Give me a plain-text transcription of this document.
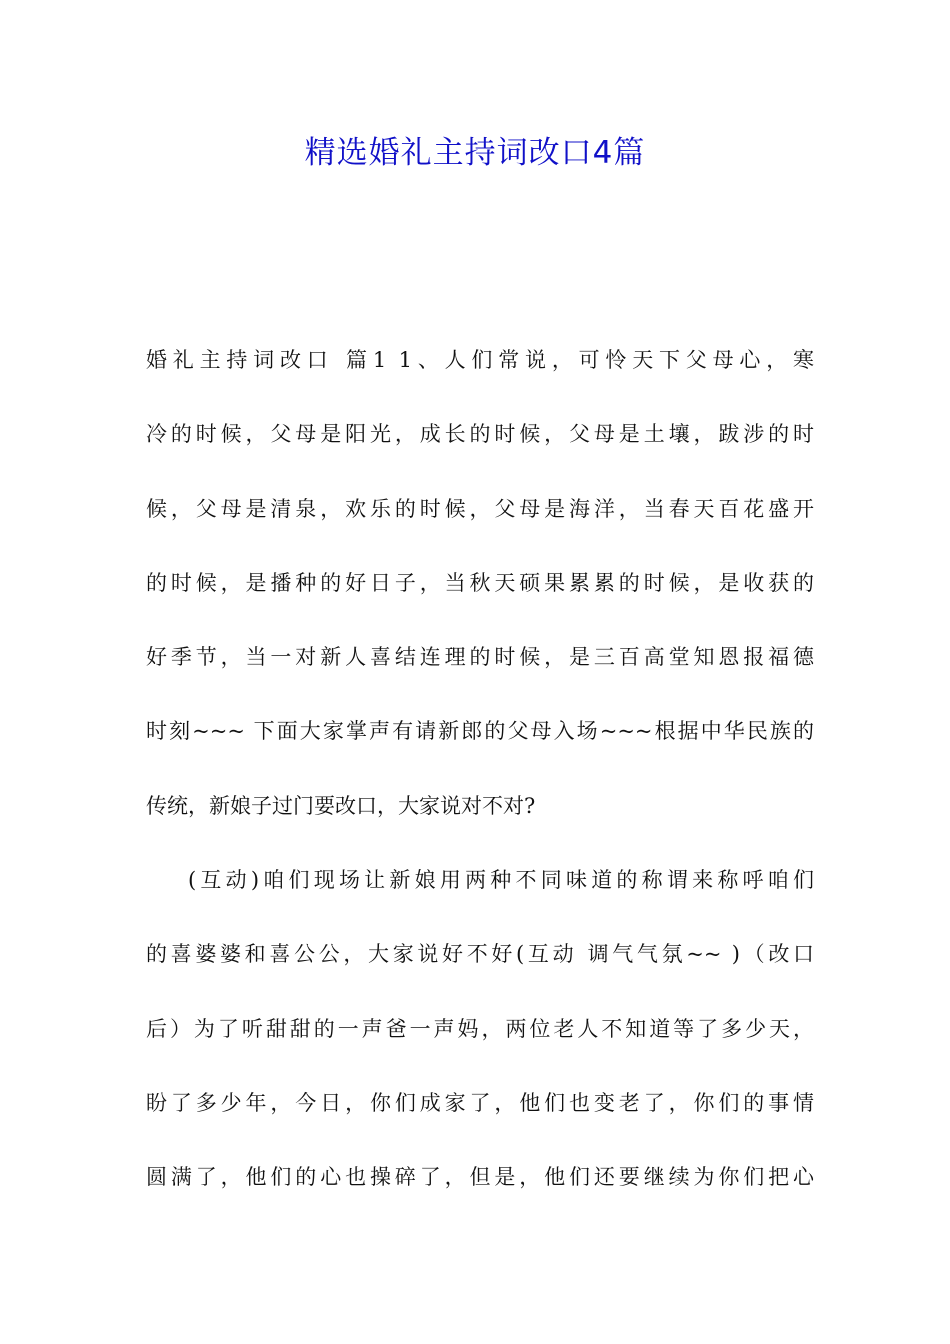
精选婚礼主持词改口4篇
婚礼主持词改口 篇1 1、人们常说，可怜天下父母心，寒
冷的时候，父母是阳光，成长的时候，父母是土壤，跋涉的时
候，父母是清泉，欢乐的时候，父母是海洋，当春天百花盛开
的时候，是播种的好日子，当秋天硕果累累的时候，是收获的
好季节，当一对新人喜结连理的时候，是三百高堂知恩报福德
时刻~~~ 下面大家掌声有请新郎的父母入场~~~根据中华民族的
传统，新娘子过门要改口，大家说对不对?
(互动)咱们现场让新娘用两种不同味道的称谓来称呼咱们
的喜婆婆和喜公公，大家说好不好(互动 调气气氛~~ )（改口
后）为了听甜甜的一声爸一声妈，两位老人不知道等了多少天，
盼了多少年，今日，你们成家了，他们也变老了，你们的事情
圆满了，他们的心也操碎了，但是，他们还要继续为你们把心
